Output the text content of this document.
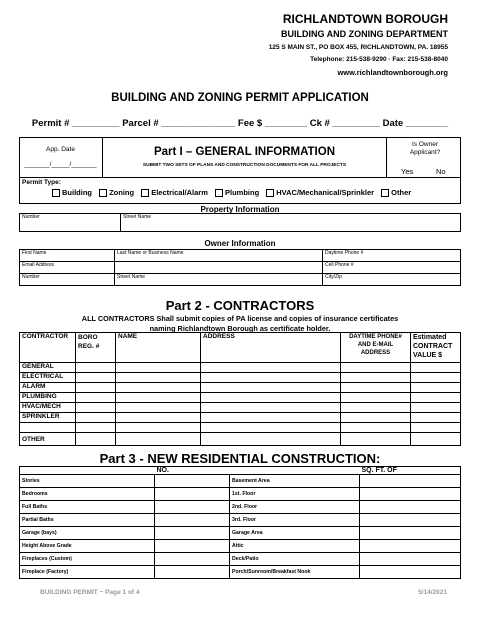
RICHLANDTOWN BOROUGH
BUILDING AND ZONING DEPARTMENT
125 S MAIN ST., PO BOX 455, RICHLANDTOWN, PA. 18955
Telephone: 215-538-9290 · Fax: 215-538-8040
www.richlandtownborough.org
BUILDING AND ZONING PERMIT APPLICATION
Permit # _________ Parcel # ______________ Fee $ ________ Ck # _________ Date ________
App. Date
_______/_____/_______
Part I – GENERAL INFORMATION
SUBMIT TWO SETS OF PLANS AND CONSTRUCTION DOCUMENTS FOR ALL PROJECTS
Is Owner Applicant?
Yes	No
Permit Type:
Building Zoning Electrical/Alarm Plumbing HVAC/Mechanical/Sprinkler Other
Property Information
Number	Street Name
Owner Information
First Name	Last Name or Business Name	Daytime Phone #
Email Address		Cell Phone #
Number	Street Name	City/Zip
Part 2 - CONTRACTORS
ALL CONTRACTORS Shall submit copies of PA license and copies of insurance certificates naming Richlandtown Borough as certificate holder.
CONTRACTOR	BORO REG. #	NAME	ADDRESS	DAYTIME PHONE# AND E-MAIL ADDRESS	Estimated CONTRACT VALUE $
GENERAL					
ELECTRICAL					
ALARM					
PLUMBING					
HVAC/MECH					
SPRINKLER					

OTHER					
Part 3 - NEW RESIDENTIAL CONSTRUCTION:
	NO.		SQ. FT. OF
Stories		Basement Area	
Bedrooms		1st. Floor	
Full Baths		2nd. Floor	
Partial Baths		3rd. Floor	
Garage (bays)		Garage Area	
Height Above Grade		Attic	
Fireplaces (Custom)		Deck/Patio	
Fireplace (Factory)		Porch/Sunroom/Breakfast Nook	
BUILDING PERMIT ~ Page 1 of 4	5/14/2021
